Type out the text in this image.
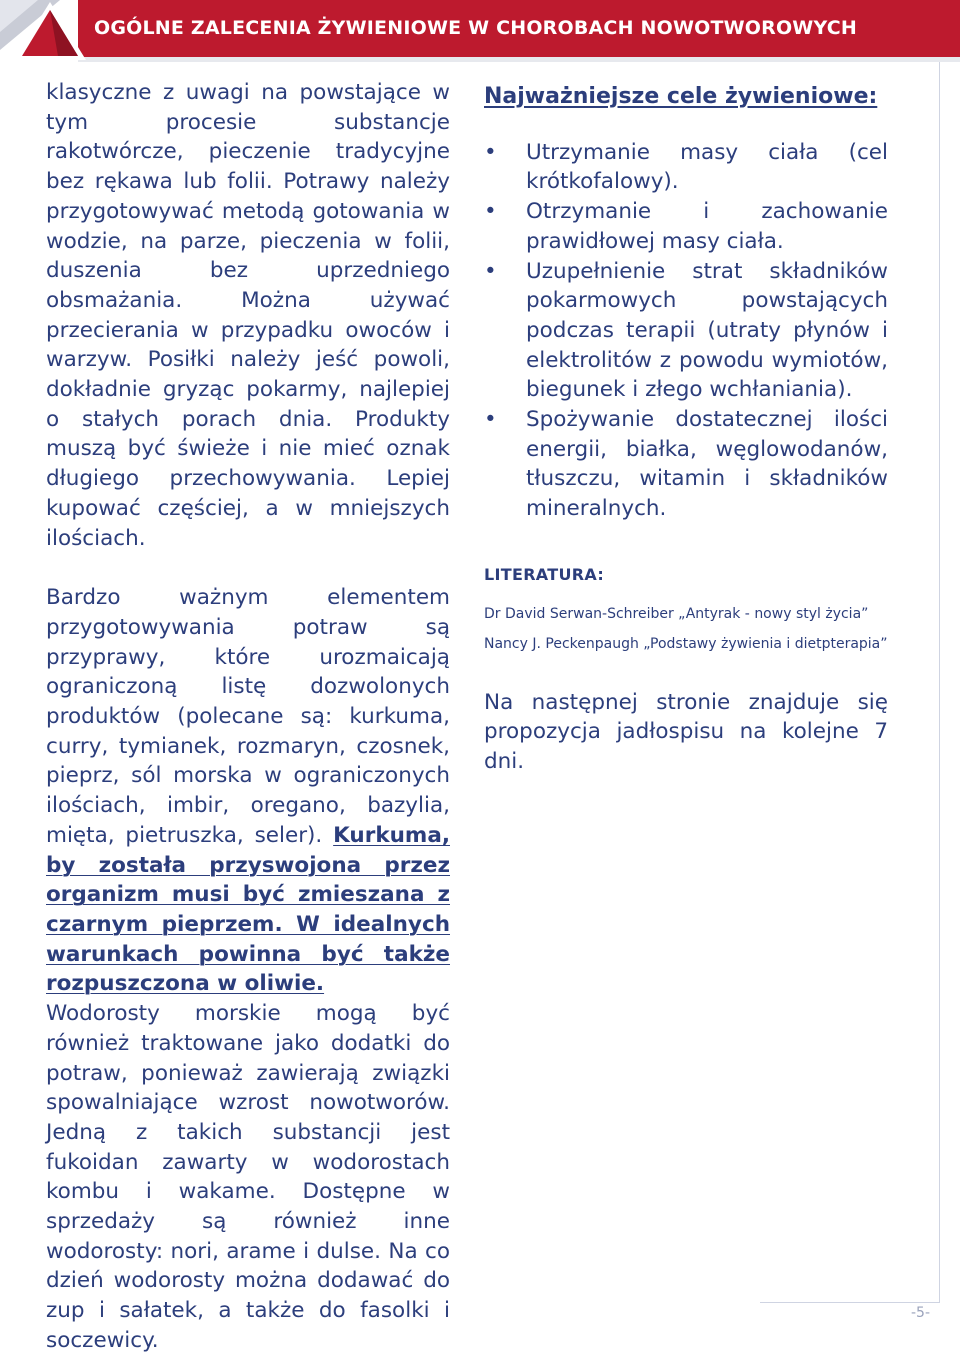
OGÓLNE ZALECENIA ŻYWIENIOWE W CHOROBACH NOWOTWOROWYCH

klasyczne z uwagi na powstające w tym procesie substancje rakotwórcze, pieczenie tradycyjne bez rękawa lub folii. Potrawy należy przygotowywać metodą gotowania w wodzie, na parze, pieczenia w folii, duszenia bez uprzedniego obsmażania. Można używać przecierania w przypadku owoców i warzyw. Posiłki należy jeść powoli, dokładnie gryząc pokarmy, najlepiej o stałych porach dnia. Produkty muszą być świeże i nie mieć oznak długiego przechowywania. Lepiej kupować częściej, a w mniejszych ilościach.

Bardzo ważnym elementem przygotowywania potraw są przyprawy, które urozmaicają ograniczoną listę dozwolonych produktów (polecane są: kurkuma, curry, tymianek, rozmaryn, czosnek, pieprz, sól morska w ograniczonych ilościach, imbir, oregano, bazylia, mięta, pietruszka, seler). Kurkuma, by została przyswojona przez organizm musi być zmieszana z czarnym pieprzem. W idealnych warunkach powinna być także rozpuszczona w oliwie.

Wodorosty morskie mogą być również traktowane jako dodatki do potraw, ponieważ zawierają związki spowalniające wzrost nowotworów. Jedną z takich substancji jest fukoidan zawarty w wodorostach kombu i wakame. Dostępne w sprzedaży są również inne wodorosty: nori, arame i dulse. Na co dzień wodorosty można dodawać do zup i sałatek, a także do fasolki i soczewicy.

Najważniejsze cele żywieniowe:
• Utrzymanie masy ciała (cel krótkofalowy).
• Otrzymanie i zachowanie prawidłowej masy ciała.
• Uzupełnienie strat składników pokarmowych powstających podczas terapii (utraty płynów i elektrolitów z powodu wymiotów, biegunek i złego wchłaniania).
• Spożywanie dostatecznej ilości energii, białka, węglowodanów, tłuszczu, witamin i składników mineralnych.
LITERATURA:

Dr David Serwan-Schreiber „Antyrak - nowy styl życia”

Nancy J. Peckenpaugh „Podstawy żywienia i dietpterapia”

Na następnej stronie znajduje się propozycja jadłospisu na kolejne 7 dni.

-5-
